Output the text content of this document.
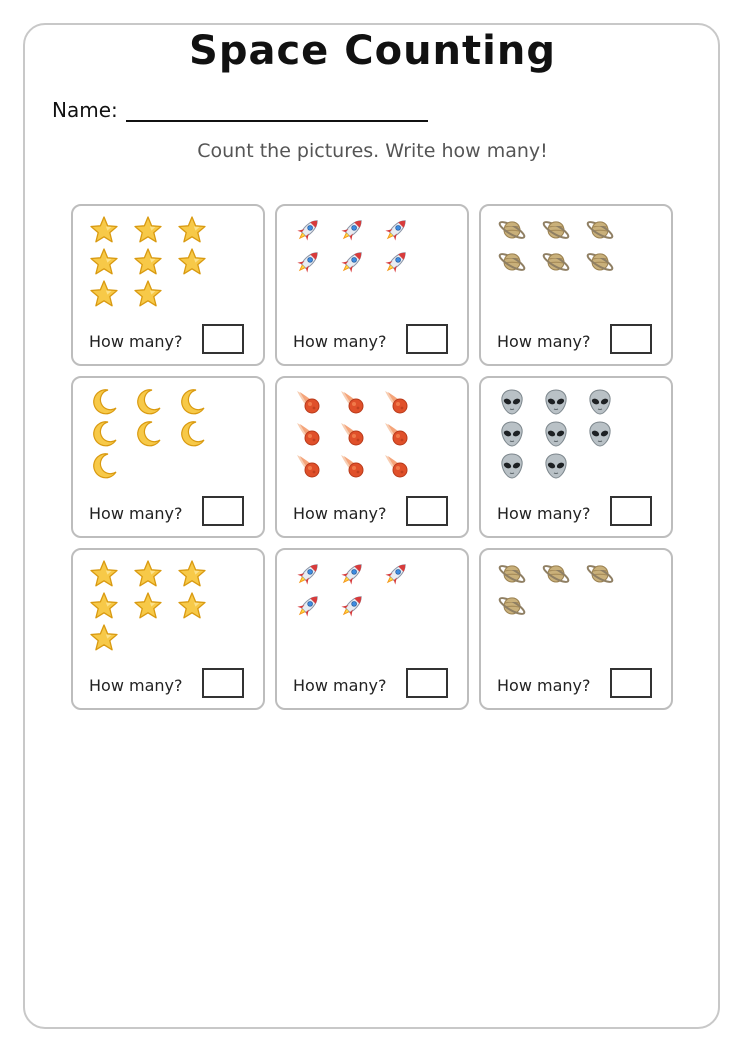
Space Counting
Name:
Count the pictures. Write how many!
How many?	How many?	How many?
How many?	How many?	How many?
How many?	How many?	How many?
